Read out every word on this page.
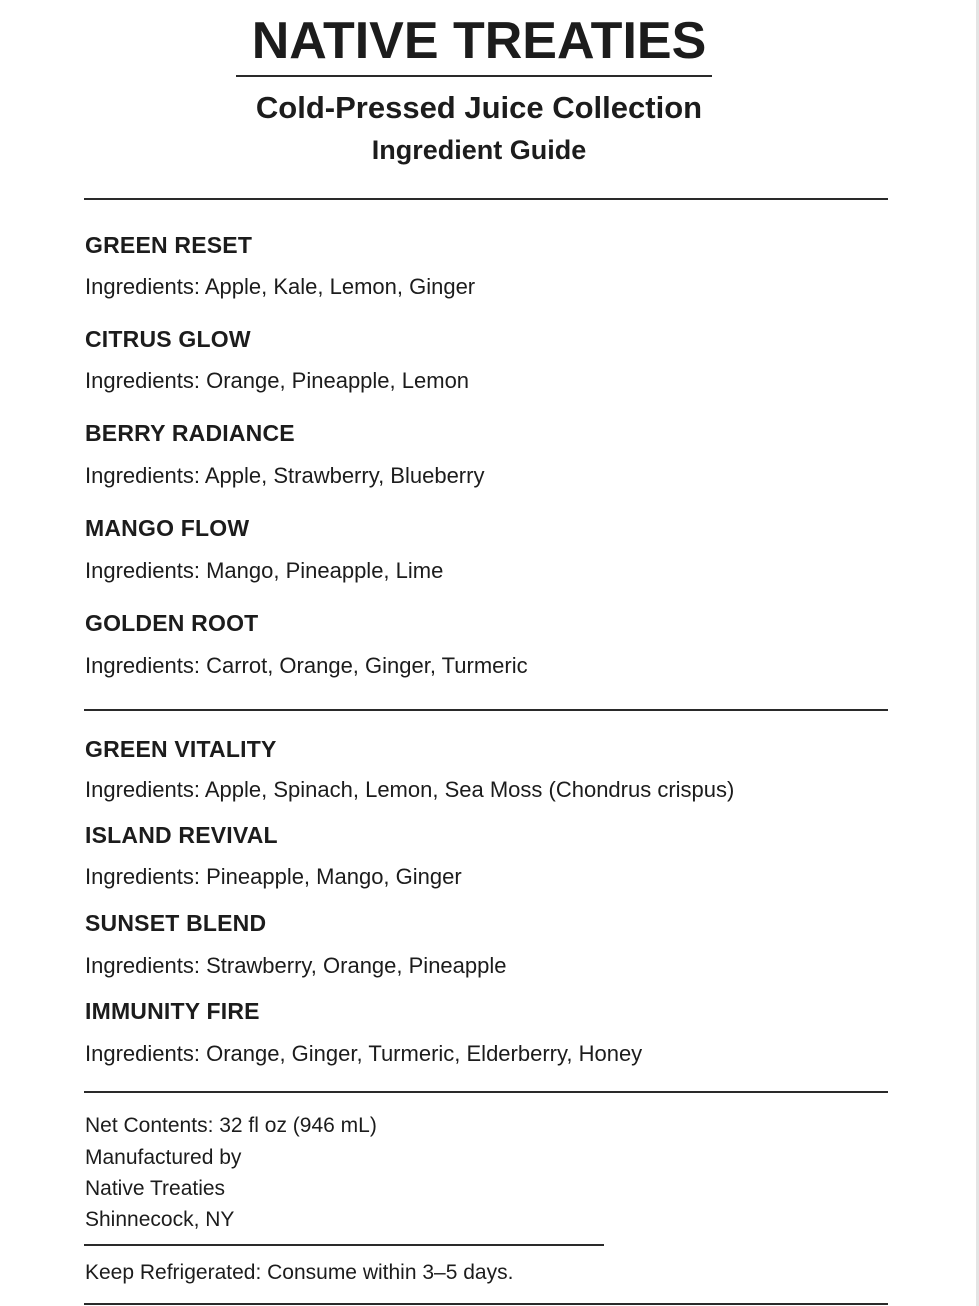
NATIVE TREATIES
Cold-Pressed Juice Collection
Ingredient Guide
GREEN RESET
Ingredients: Apple, Kale, Lemon, Ginger
CITRUS GLOW
Ingredients: Orange, Pineapple, Lemon
BERRY RADIANCE
Ingredients: Apple, Strawberry, Blueberry
MANGO FLOW
Ingredients: Mango, Pineapple, Lime
GOLDEN ROOT
Ingredients: Carrot, Orange, Ginger, Turmeric
GREEN VITALITY
Ingredients: Apple, Spinach, Lemon, Sea Moss (Chondrus crispus)
ISLAND REVIVAL
Ingredients: Pineapple, Mango, Ginger
SUNSET BLEND
Ingredients: Strawberry, Orange, Pineapple
IMMUNITY FIRE
Ingredients: Orange, Ginger, Turmeric, Elderberry, Honey
Net Contents: 32 fl oz (946 mL)
Manufactured by
Native Treaties
Shinnecock, NY
Keep Refrigerated: Consume within 3–5 days.
